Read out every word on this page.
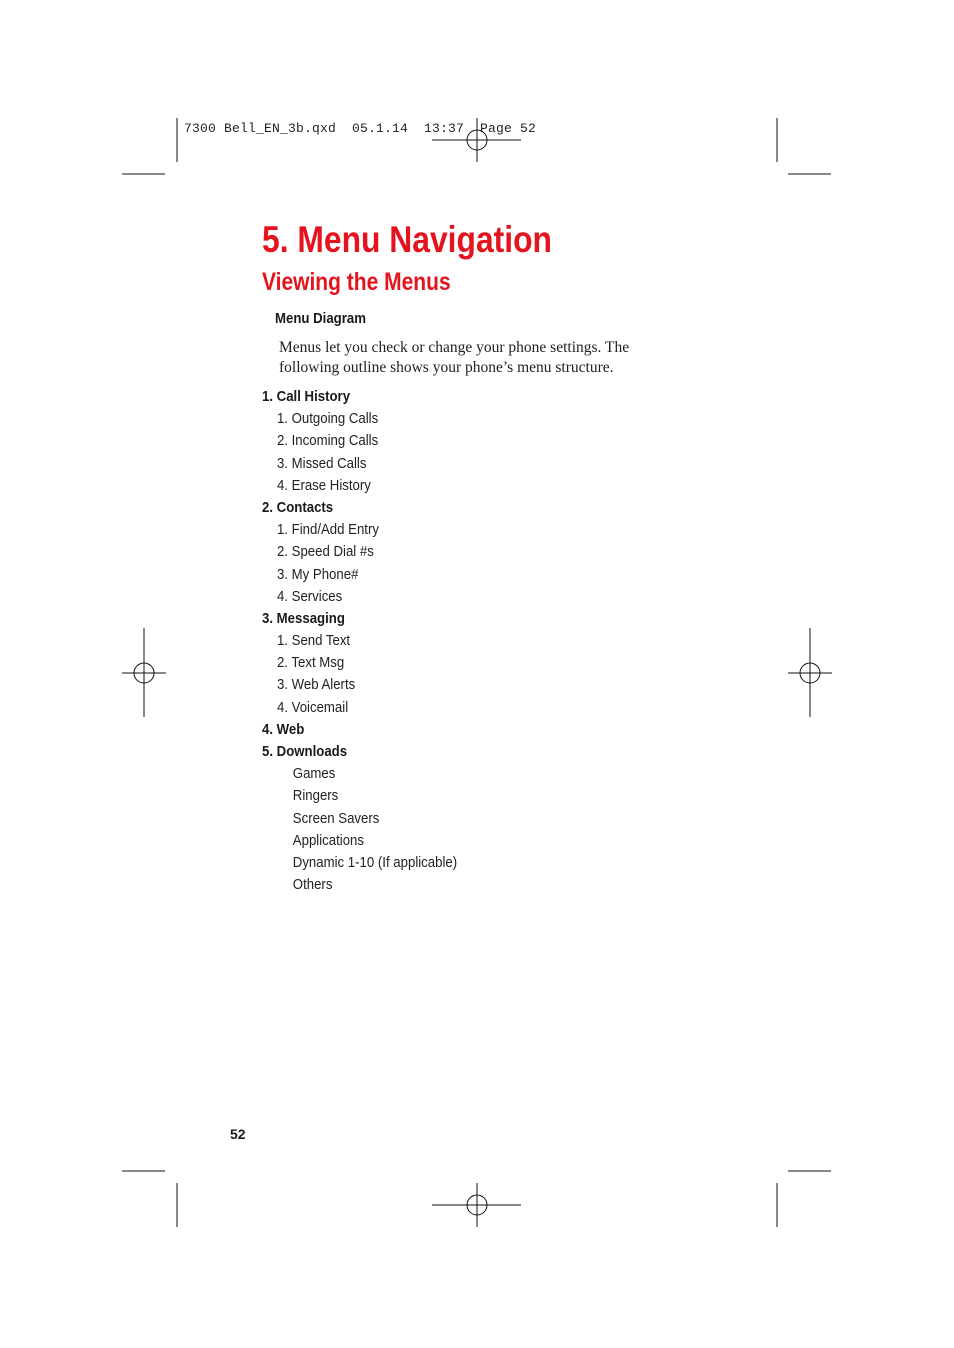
7300 Bell_EN_3b.qxd  05.1.14  13:37  Page 52
5. Menu Navigation
Viewing the Menus
Menu Diagram

Menus let you check or change your phone settings. The following outline shows your phone’s menu structure.

1. Call History
1. Outgoing Calls
2. Incoming Calls
3. Missed Calls
4. Erase History
2. Contacts
1. Find/Add Entry
2. Speed Dial #s
3. My Phone#
4. Services
3. Messaging
1. Send Text
2. Text Msg
3. Web Alerts
4. Voicemail
4. Web
5. Downloads
Games
Ringers
Screen Savers
Applications
Dynamic 1-10 (If applicable)
Others
52
